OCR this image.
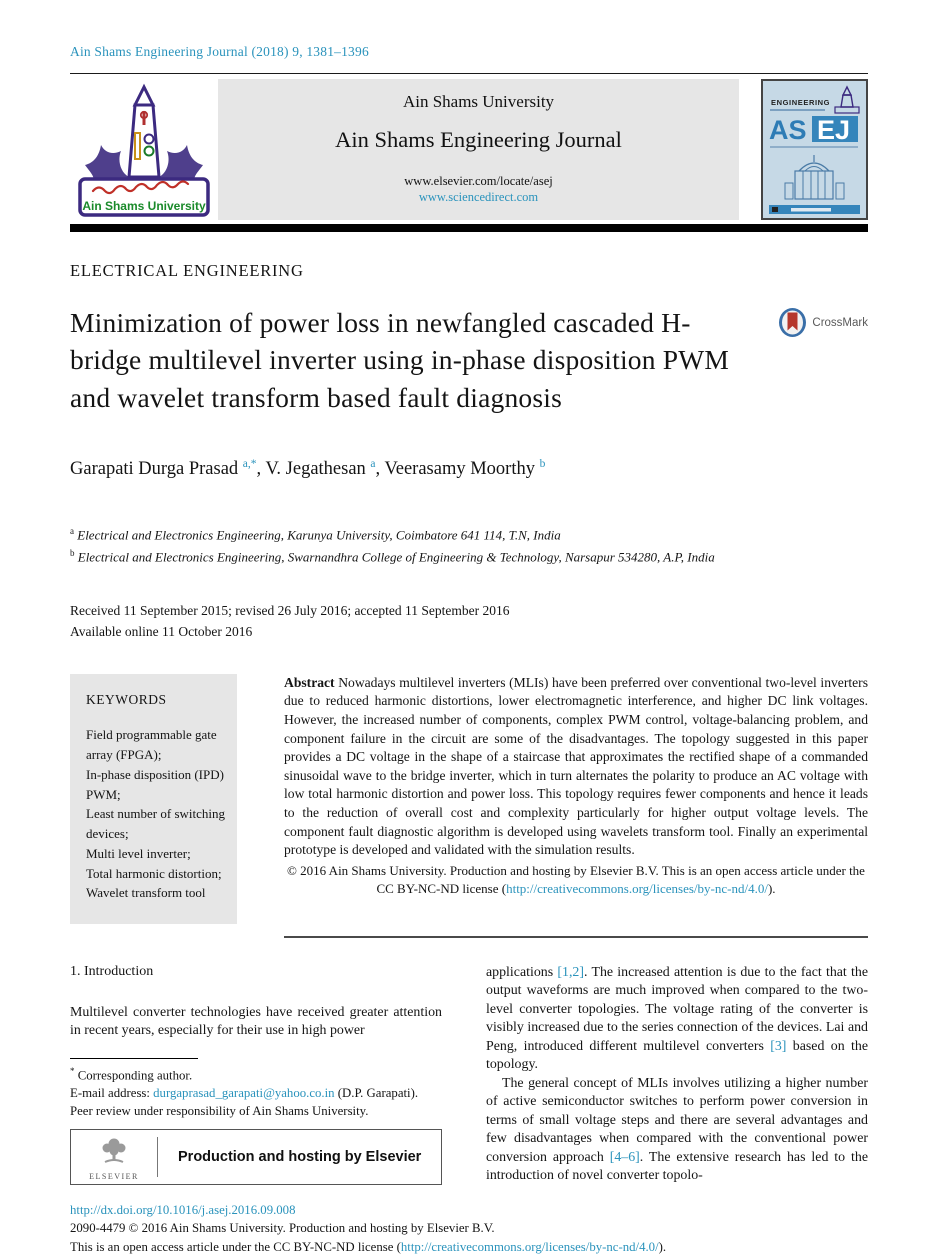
Ain Shams Engineering Journal (2018) 9, 1381–1396
Ain Shams University
Ain Shams University
Ain Shams Engineering Journal
www.elsevier.com/locate/asej
www.sciencedirect.com
ENGINEERING
AS EJ
ELECTRICAL ENGINEERING
Minimization of power loss in newfangled cascaded H-bridge multilevel inverter using in-phase disposition PWM and wavelet transform based fault diagnosis
CrossMark
Garapati Durga Prasad $^{a,*}$, V. Jegathesan $^a$, Veerasamy Moorthy $^b$
$^a$ Electrical and Electronics Engineering, Karunya University, Coimbatore 641 114, T.N, India
$^b$ Electrical and Electronics Engineering, Swarnandhra College of Engineering & Technology, Narsapur 534280, A.P, India
Received 11 September 2015; revised 26 July 2016; accepted 11 September 2016
Available online 11 October 2016
KEYWORDS
Field programmable gate array (FPGA);
In-phase disposition (IPD) PWM;
Least number of switching devices;
Multi level inverter;
Total harmonic distortion;
Wavelet transform tool

Abstract Nowadays multilevel inverters (MLIs) have been preferred over conventional two-level inverters due to reduced harmonic distortions, lower electromagnetic interference, and higher DC link voltages. However, the increased number of components, complex PWM control, voltage-balancing problem, and component failure in the circuit are some of the disadvantages. The topology suggested in this paper provides a DC voltage in the shape of a staircase that approximates the rectified shape of a commanded sinusoidal wave to the bridge inverter, which in turn alternates the polarity to produce an AC voltage with low total harmonic distortion and power loss. This topology requires fewer components and hence it leads to the reduction of overall cost and complexity particularly for higher output voltage levels. The component fault diagnostic algorithm is developed using wavelets transform tool. Finally an experimental prototype is developed and validated with the simulation results.

© 2016 Ain Shams University. Production and hosting by Elsevier B.V. This is an open access article under the CC BY-NC-ND license (http://creativecommons.org/licenses/by-nc-nd/4.0/).

1. Introduction

Multilevel converter technologies have received greater attention in recent years, especially for their use in high power

* Corresponding author.
E-mail address: durgaprasad_garapati@yahoo.co.in (D.P. Garapati).
Peer review under responsibility of Ain Shams University.
ELSEVIER
Production and hosting by Elsevier

applications [1,2]. The increased attention is due to the fact that the output waveforms are much improved when compared to the two-level converter topologies. The voltage rating of the converter is visibly increased due to the series connection of the devices. Lai and Peng, introduced different multilevel converters [3] based on the topology.

The general concept of MLIs involves utilizing a higher number of active semiconductor switches to perform power conversion in terms of small voltage steps and there are several advantages and few disadvantages when compared with the conventional power conversion approach [4–6]. The extensive research has led to the introduction of novel converter topolo-

http://dx.doi.org/10.1016/j.asej.2016.09.008
2090-4479 © 2016 Ain Shams University. Production and hosting by Elsevier B.V.
This is an open access article under the CC BY-NC-ND license (http://creativecommons.org/licenses/by-nc-nd/4.0/).
